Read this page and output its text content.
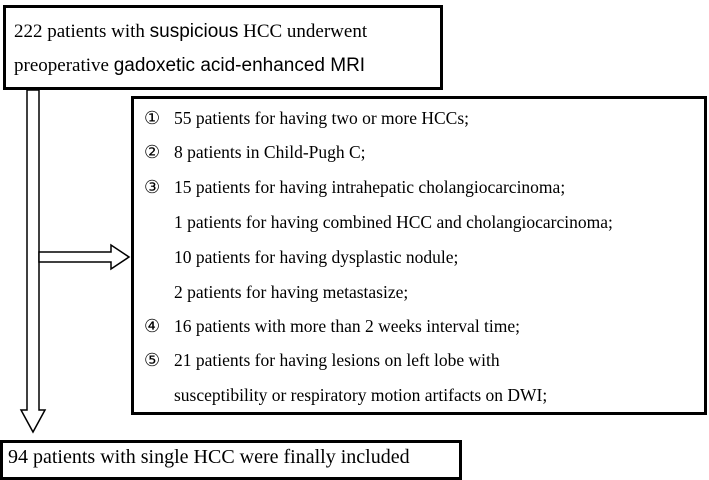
222 patients with suspicious HCC underwent
preoperative gadoxetic acid-enhanced MRI
① 55 patients for having two or more HCCs;
② 8 patients in Child-Pugh C;
③ 15 patients for having intrahepatic cholangiocarcinoma;
1 patients for having combined HCC and cholangiocarcinoma;
10 patients for having dysplastic nodule;
2 patients for having metastasize;
④ 16 patients with more than 2 weeks interval time;
⑤ 21 patients for having lesions on left lobe with
susceptibility or respiratory motion artifacts on DWI;
94 patients with single HCC were finally included
